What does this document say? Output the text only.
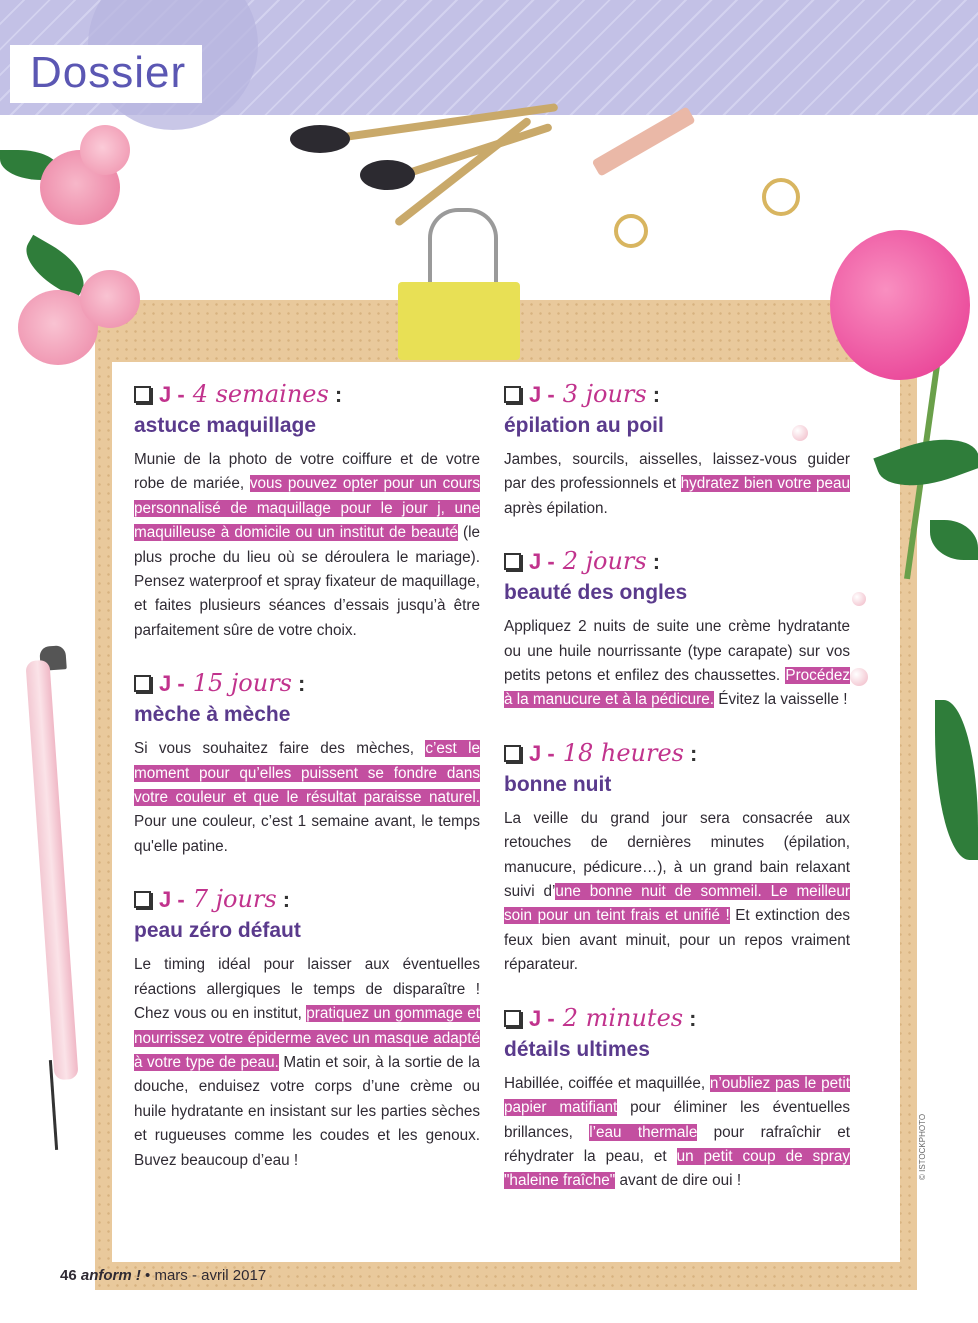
Dossier
J - 4 semaines :
astuce maquillage
Munie de la photo de votre coiffure et de votre robe de mariée, vous pouvez opter pour un cours personnalisé de maquillage pour le jour j, une maquilleuse à domicile ou un institut de beauté (le plus proche du lieu où se déroulera le mariage). Pensez waterproof et spray fixateur de maquillage, et faites plusieurs séances d’essais jusqu’à être parfaitement sûre de votre choix.
J - 15 jours :
mèche à mèche
Si vous souhaitez faire des mèches, c’est le moment pour qu’elles puissent se fondre dans votre couleur et que le résultat paraisse naturel. Pour une couleur, c’est 1 semaine avant, le temps qu'elle patine.
J - 7 jours :
peau zéro défaut
Le timing idéal pour laisser aux éventuelles réactions allergiques le temps de disparaître ! Chez vous ou en institut, pratiquez un gommage et nourrissez votre épiderme avec un masque adapté à votre type de peau. Matin et soir, à la sortie de la douche, enduisez votre corps d’une crème ou huile hydratante en insistant sur les parties sèches et rugueuses comme les coudes et les genoux. Buvez beaucoup d’eau !
J - 3 jours :
épilation au poil
Jambes, sourcils, aisselles, laissez-vous guider par des professionnels et hydratez bien votre peau après épilation.
J - 2 jours :
beauté des ongles
Appliquez 2 nuits de suite une crème hydratante ou une huile nourrissante (type carapate) sur vos petits petons et enfilez des chaussettes. Procédez à la manucure et à la pédicure. Évitez la vaisselle !
J - 18 heures :
bonne nuit
La veille du grand jour sera consacrée aux retouches de dernières minutes (épilation, manucure, pédicure…), à un grand bain relaxant suivi d’une bonne nuit de sommeil. Le meilleur soin pour un teint frais et unifié ! Et extinction des feux bien avant minuit, pour un repos vraiment réparateur.
J - 2 minutes :
détails ultimes
Habillée, coiffée et maquillée, n’oubliez pas le petit papier matifiant pour éliminer les éventuelles brillances, l’eau thermale pour rafraîchir et réhydrater la peau, et un petit coup de spray "haleine fraîche" avant de dire oui !
46 anform ! • mars - avril 2017
© ISTOCKPHOTO
